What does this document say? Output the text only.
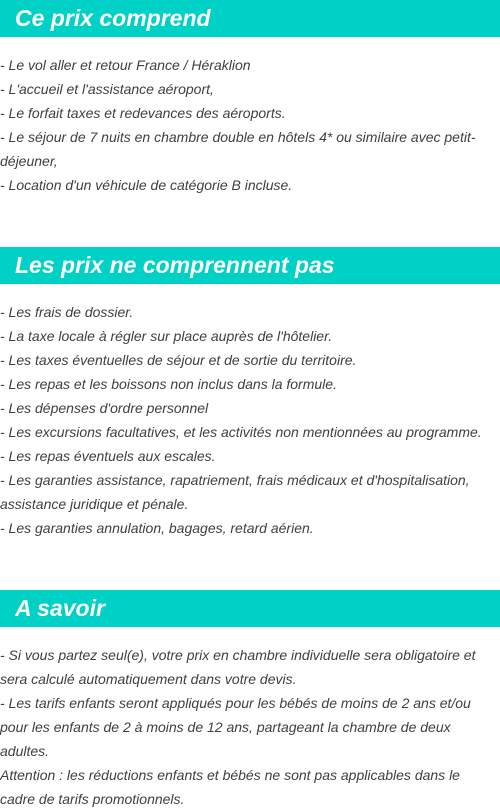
Ce prix comprend
- Le vol aller et retour France / Héraklion
- L'accueil et l'assistance aéroport,
- Le forfait taxes et redevances des aéroports.
- Le séjour de 7 nuits en chambre double en hôtels 4* ou similaire avec petit-déjeuner,
- Location d'un véhicule de catégorie B incluse.
Les prix ne comprennent pas
- Les frais de dossier.
- La taxe locale à régler sur place auprès de l'hôtelier.
- Les taxes éventuelles de séjour et de sortie du territoire.
- Les repas et les boissons non inclus dans la formule.
- Les dépenses d'ordre personnel
- Les excursions facultatives, et les activités non mentionnées au programme.
- Les repas éventuels aux escales.
- Les garanties assistance, rapatriement, frais médicaux et d'hospitalisation, assistance juridique et pénale.
- Les garanties annulation, bagages, retard aérien.
A savoir
- Si vous partez seul(e), votre prix en chambre individuelle sera obligatoire et sera calculé automatiquement dans votre devis.
- Les tarifs enfants seront appliqués pour les bébés de moins de 2 ans et/ou pour les enfants de 2 à moins de 12 ans, partageant la chambre de deux adultes.
Attention : les réductions enfants et bébés ne sont pas applicables dans le cadre de tarifs promotionnels.
